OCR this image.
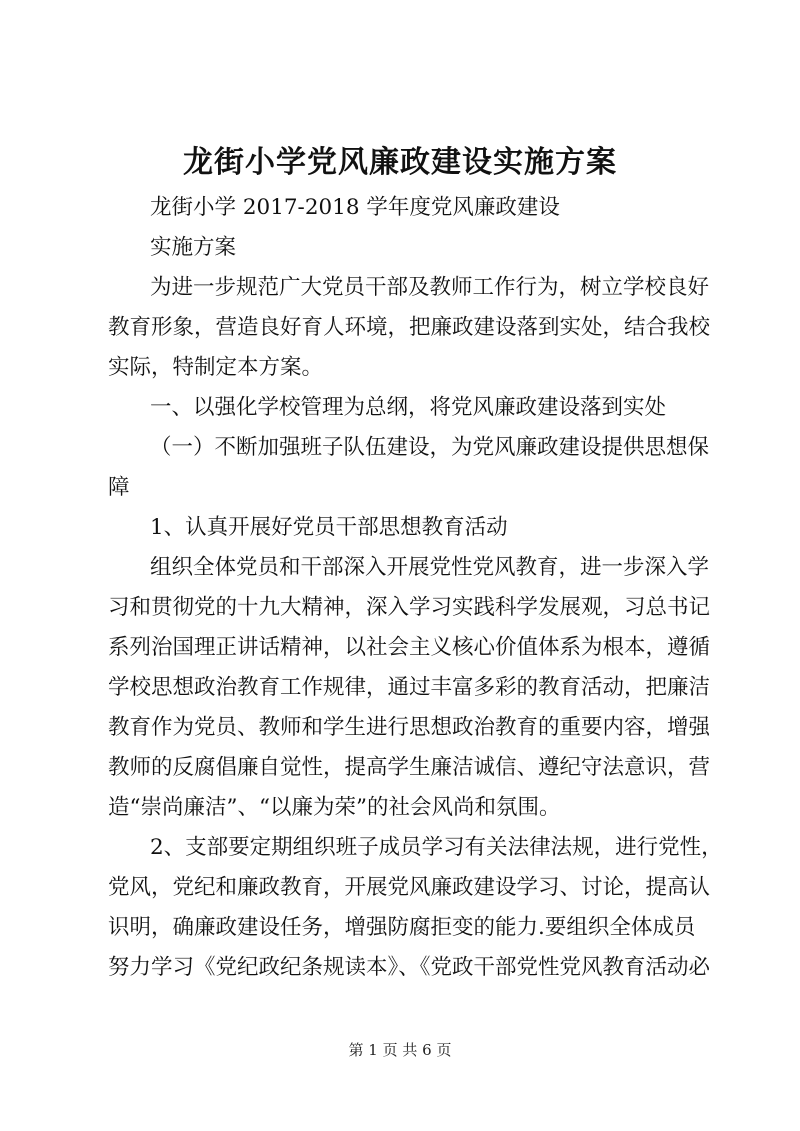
龙街小学党风廉政建设实施方案

龙街小学 2017-2018 学年度党风廉政建设

实施方案

为进一步规范广大党员干部及教师工作行为，树立学校良好

教育形象，营造良好育人环境，把廉政建设落到实处，结合我校

实际，特制定本方案。

一、以强化学校管理为总纲，将党风廉政建设落到实处

（一）不断加强班子队伍建设，为党风廉政建设提供思想保

障

1、认真开展好党员干部思想教育活动

组织全体党员和干部深入开展党性党风教育，进一步深入学

习和贯彻党的十九大精神，深入学习实践科学发展观，习总书记

系列治国理正讲话精神，以社会主义核心价值体系为根本，遵循

学校思想政治教育工作规律，通过丰富多彩的教育活动，把廉洁

教育作为党员、教师和学生进行思想政治教育的重要内容，增强

教师的反腐倡廉自觉性，提高学生廉洁诚信、遵纪守法意识，营

造“崇尚廉洁”、“以廉为荣”的社会风尚和氛围。

2、支部要定期组织班子成员学习有关法律法规，进行党性，

党风，党纪和廉政教育，开展党风廉政建设学习、讨论，提高认

识明，确廉政建设任务，增强防腐拒变的能力.要组织全体成员

努力学习《党纪政纪条规读本》、《党政干部党性党风教育活动必

第 1 页 共 6 页
